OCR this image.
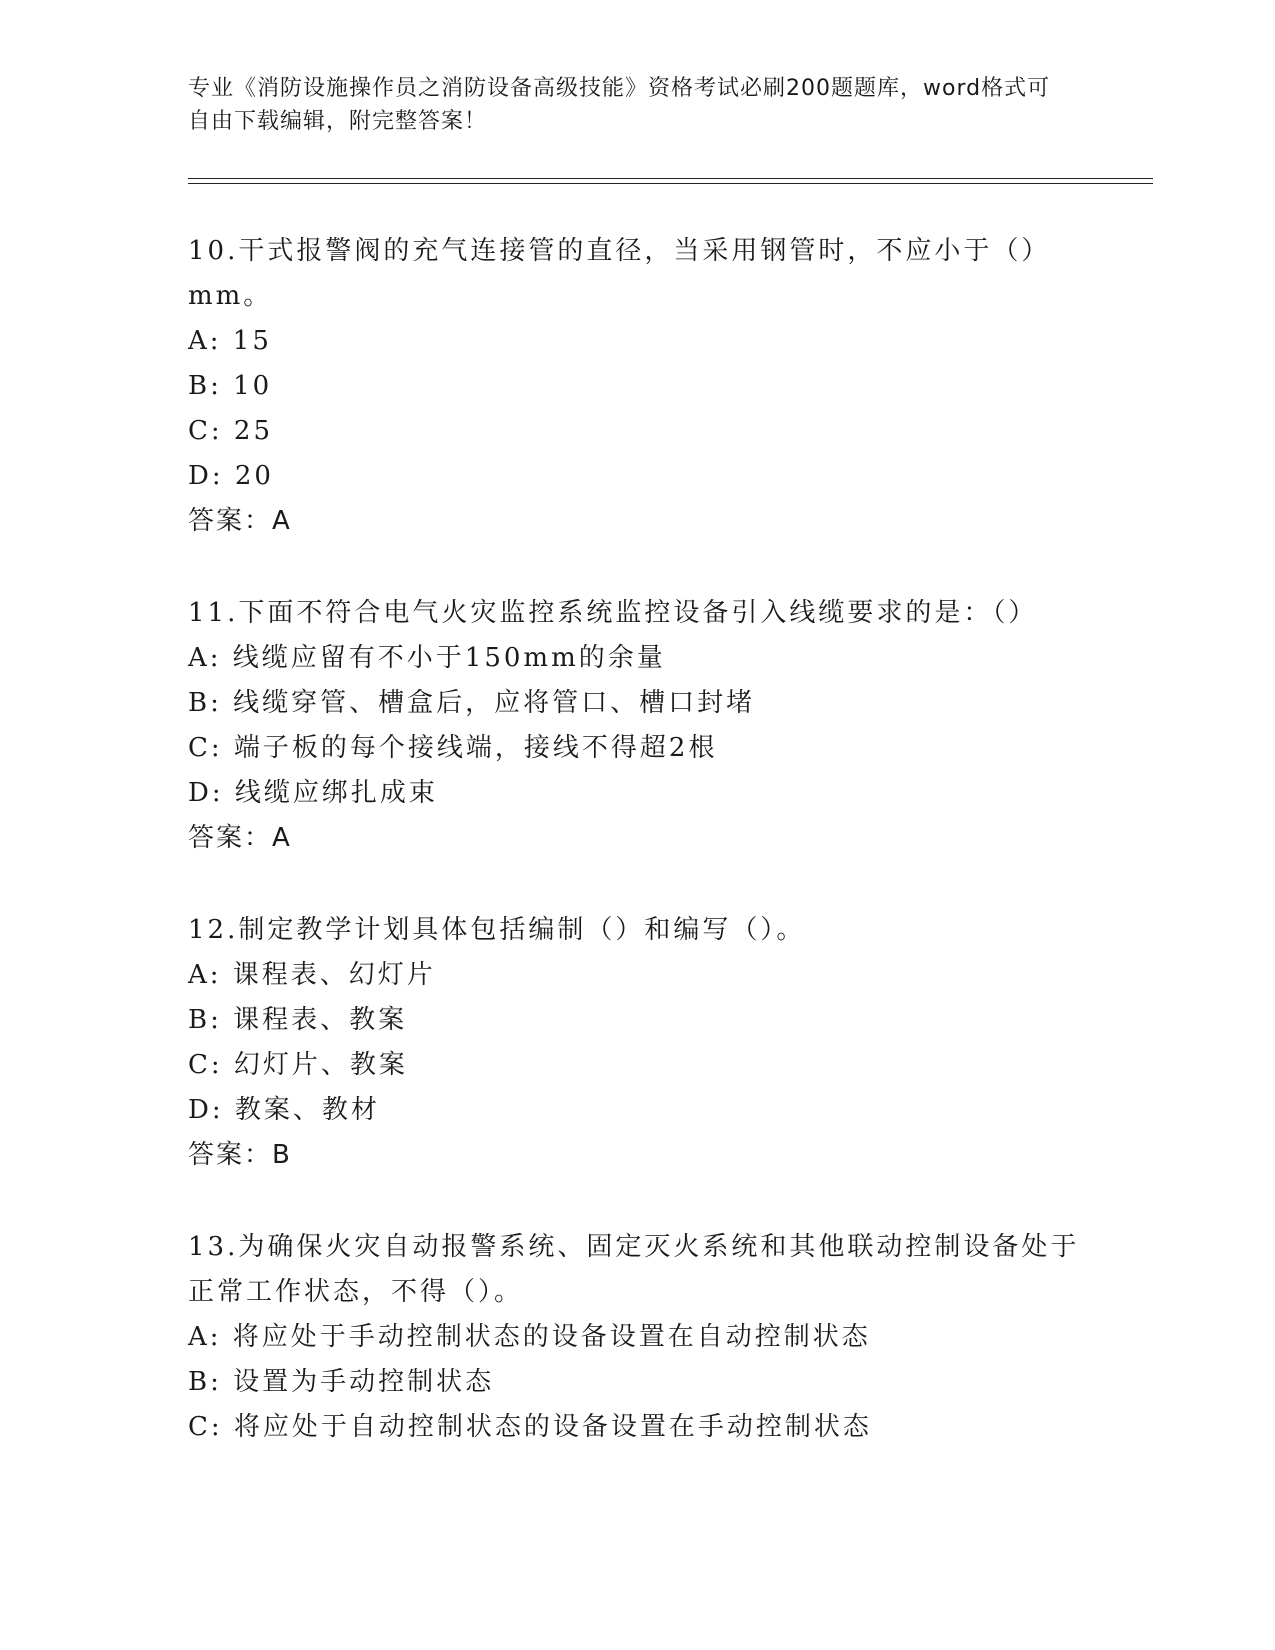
专业《消防设施操作员之消防设备高级技能》资格考试必刷200题题库，word格式可自由下载编辑，附完整答案！
10.干式报警阀的充气连接管的直径，当采用钢管时，不应小于（）mm。
A: 15
B: 10
C: 25
D: 20
答案：A
11.下面不符合电气火灾监控系统监控设备引入线缆要求的是：（）
A: 线缆应留有不小于150mm的余量
B: 线缆穿管、槽盒后，应将管口、槽口封堵
C: 端子板的每个接线端，接线不得超2根
D: 线缆应绑扎成束
答案：A
12.制定教学计划具体包括编制（）和编写（）。
A: 课程表、幻灯片
B: 课程表、教案
C: 幻灯片、教案
D: 教案、教材
答案：B
13.为确保火灾自动报警系统、固定灭火系统和其他联动控制设备处于正常工作状态，不得（）。
A: 将应处于手动控制状态的设备设置在自动控制状态
B: 设置为手动控制状态
C: 将应处于自动控制状态的设备设置在手动控制状态
